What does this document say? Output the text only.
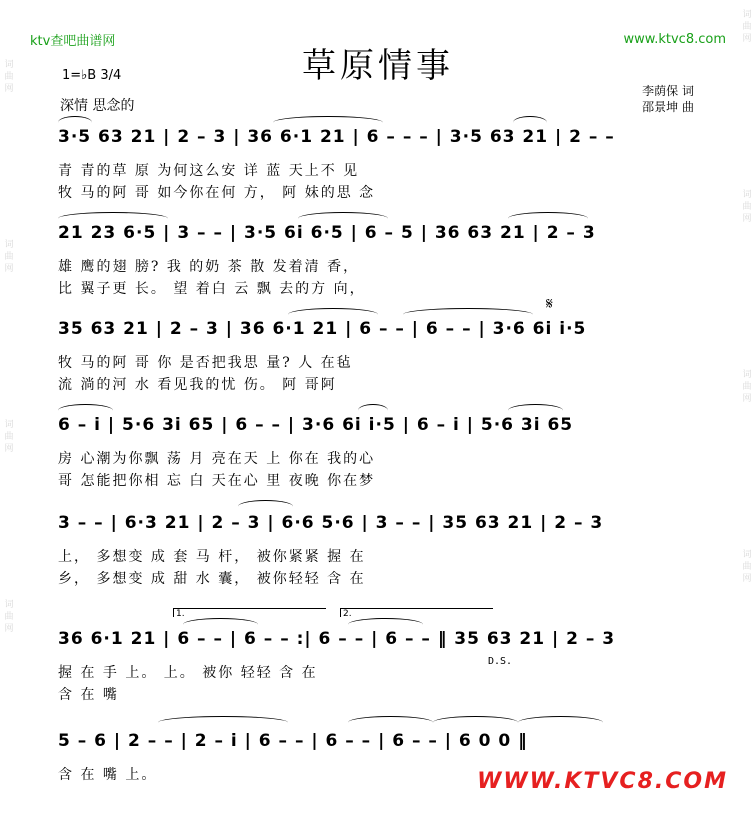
词
曲
网
词
曲
网
词
曲
网
词
曲
网
词
曲
网
词
曲
网
词
曲
网
词
曲
网
ktv查吧曲谱网	www.ktvc8.com
草原情事
1=♭B 3/4
深情 思念的
李荫保 词
邵景坤 曲
3·5 63 21 | 2 – 3 | 36 6·1 21 | 6 – – – | 3·5 63 21 | 2 – –
青 青的草 原 为何这么安 详 蓝 天上不 见
牧 马的阿 哥 如今你在何 方， 阿 妹的思 念
21 23 6·5 | 3 – – | 3·5 6i 6·5 | 6 – 5 | 36 63 21 | 2 – 3
雄 鹰的翅 膀? 我 的奶 茶 散 发着清 香，
比 翼子更 长。 望 着白 云 飘 去的方 向，
𝄋
35 63 21 | 2 – 3 | 36 6·1 21 | 6 – – | 6 – – | 3·6 6i i·5
牧 马的阿 哥 你 是否把我思 量? 人 在毡
流 淌的河 水 看见我的忧 伤。 阿 哥阿
6 – i | 5·6 3i 65 | 6 – – | 3·6 6i i·5 | 6 – i | 5·6 3i 65
房 心潮为你飘 荡 月 亮在天 上 你在 我的心
哥 怎能把你相 忘 白 天在心 里 夜晚 你在梦
3 – – | 6·3 21 | 2 – 3 | 6·6 5·6 | 3 – – | 35 63 21 | 2 – 3
上， 多想变 成 套 马 杆， 被你紧紧 握 在
乡， 多想变 成 甜 水 囊， 被你轻轻 含 在
1.	2.
36 6·1 21 | 6 – – | 6 – – :| 6 – – | 6 – – ‖ 35 63 21 | 2 – 3
D.S.
握 在 手 上。 上。 被你 轻轻 含 在
含 在 嘴
5 – 6 | 2 – – | 2 – i | 6 – – | 6 – – | 6 – – | 6 0 0 ‖
含 在 嘴 上。	WWW.KTVC8.COM
